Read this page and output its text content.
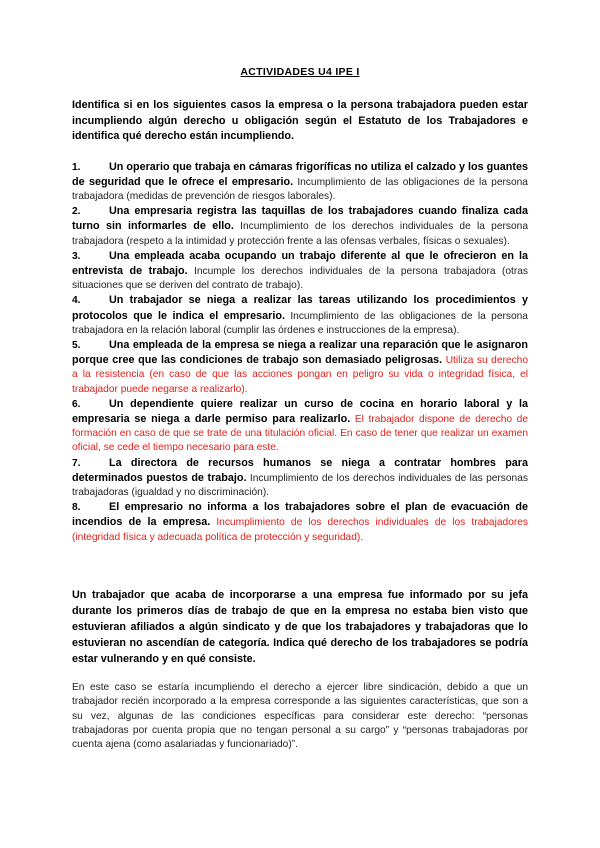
ACTIVIDADES U4 IPE I

Identifica si en los siguientes casos la empresa o la persona trabajadora pueden estar incumpliendo algún derecho u obligación según el Estatuto de los Trabajadores e identifica qué derecho están incumpliendo.

1.	Un operario que trabaja en cámaras frigoríficas no utiliza el calzado y los guantes de seguridad que le ofrece el empresario. Incumplimiento de las obligaciones de la persona trabajadora (medidas de prevención de riesgos laborales).

2.	Una empresaria registra las taquillas de los trabajadores cuando finaliza cada turno sin informarles de ello. Incumplimiento de los derechos individuales de la persona trabajadora (respeto a la intimidad y protección frente a las ofensas verbales, físicas o sexuales).

3.	Una empleada acaba ocupando un trabajo diferente al que le ofrecieron en la entrevista de trabajo. Incumple los derechos individuales de la persona trabajadora (otras situaciones que se deriven del contrato de trabajo).

4.	Un trabajador se niega a realizar las tareas utilizando los procedimientos y protocolos que le indica el empresario. Incumplimiento de las obligaciones de la persona trabajadora en la relación laboral (cumplir las órdenes e instrucciones de la empresa).

5.	Una empleada de la empresa se niega a realizar una reparación que le asignaron porque cree que las condiciones de trabajo son demasiado peligrosas. Utiliza su derecho a la resistencia (en caso de que las acciones pongan en peligro su vida o integridad física, el trabajador puede negarse a realizarlo).

6.	Un dependiente quiere realizar un curso de cocina en horario laboral y la empresaria se niega a darle permiso para realizarlo. El trabajador dispone de derecho de formación en caso de que se trate de una titulación oficial. En caso de tener que realizar un examen oficial, se cede el tiempo necesario para este.

7.	La directora de recursos humanos se niega a contratar hombres para determinados puestos de trabajo. Incumplimiento de los derechos individuales de las personas trabajadoras (igualdad y no discriminación).

8.	El empresario no informa a los trabajadores sobre el plan de evacuación de incendios de la empresa. Incumplimiento de los derechos individuales de los trabajadores (integridad física y adecuada política de protección y seguridad).

Un trabajador que acaba de incorporarse a una empresa fue informado por su jefa durante los primeros días de trabajo de que en la empresa no estaba bien visto que estuvieran afiliados a algún sindicato y de que los trabajadores y trabajadoras que lo estuvieran no ascendían de categoría. Indica qué derecho de los trabajadores se podría estar vulnerando y en qué consiste.

En este caso se estaría incumpliendo el derecho a ejercer libre sindicación, debido a que un trabajador recién incorporado a la empresa corresponde a las siguientes características, que son a su vez, algunas de las condiciones específicas para considerar este derecho: “personas trabajadoras por cuenta propia que no tengan personal a su cargo” y “personas trabajadoras por cuenta ajena (como asalariadas y funcionariado)”.
